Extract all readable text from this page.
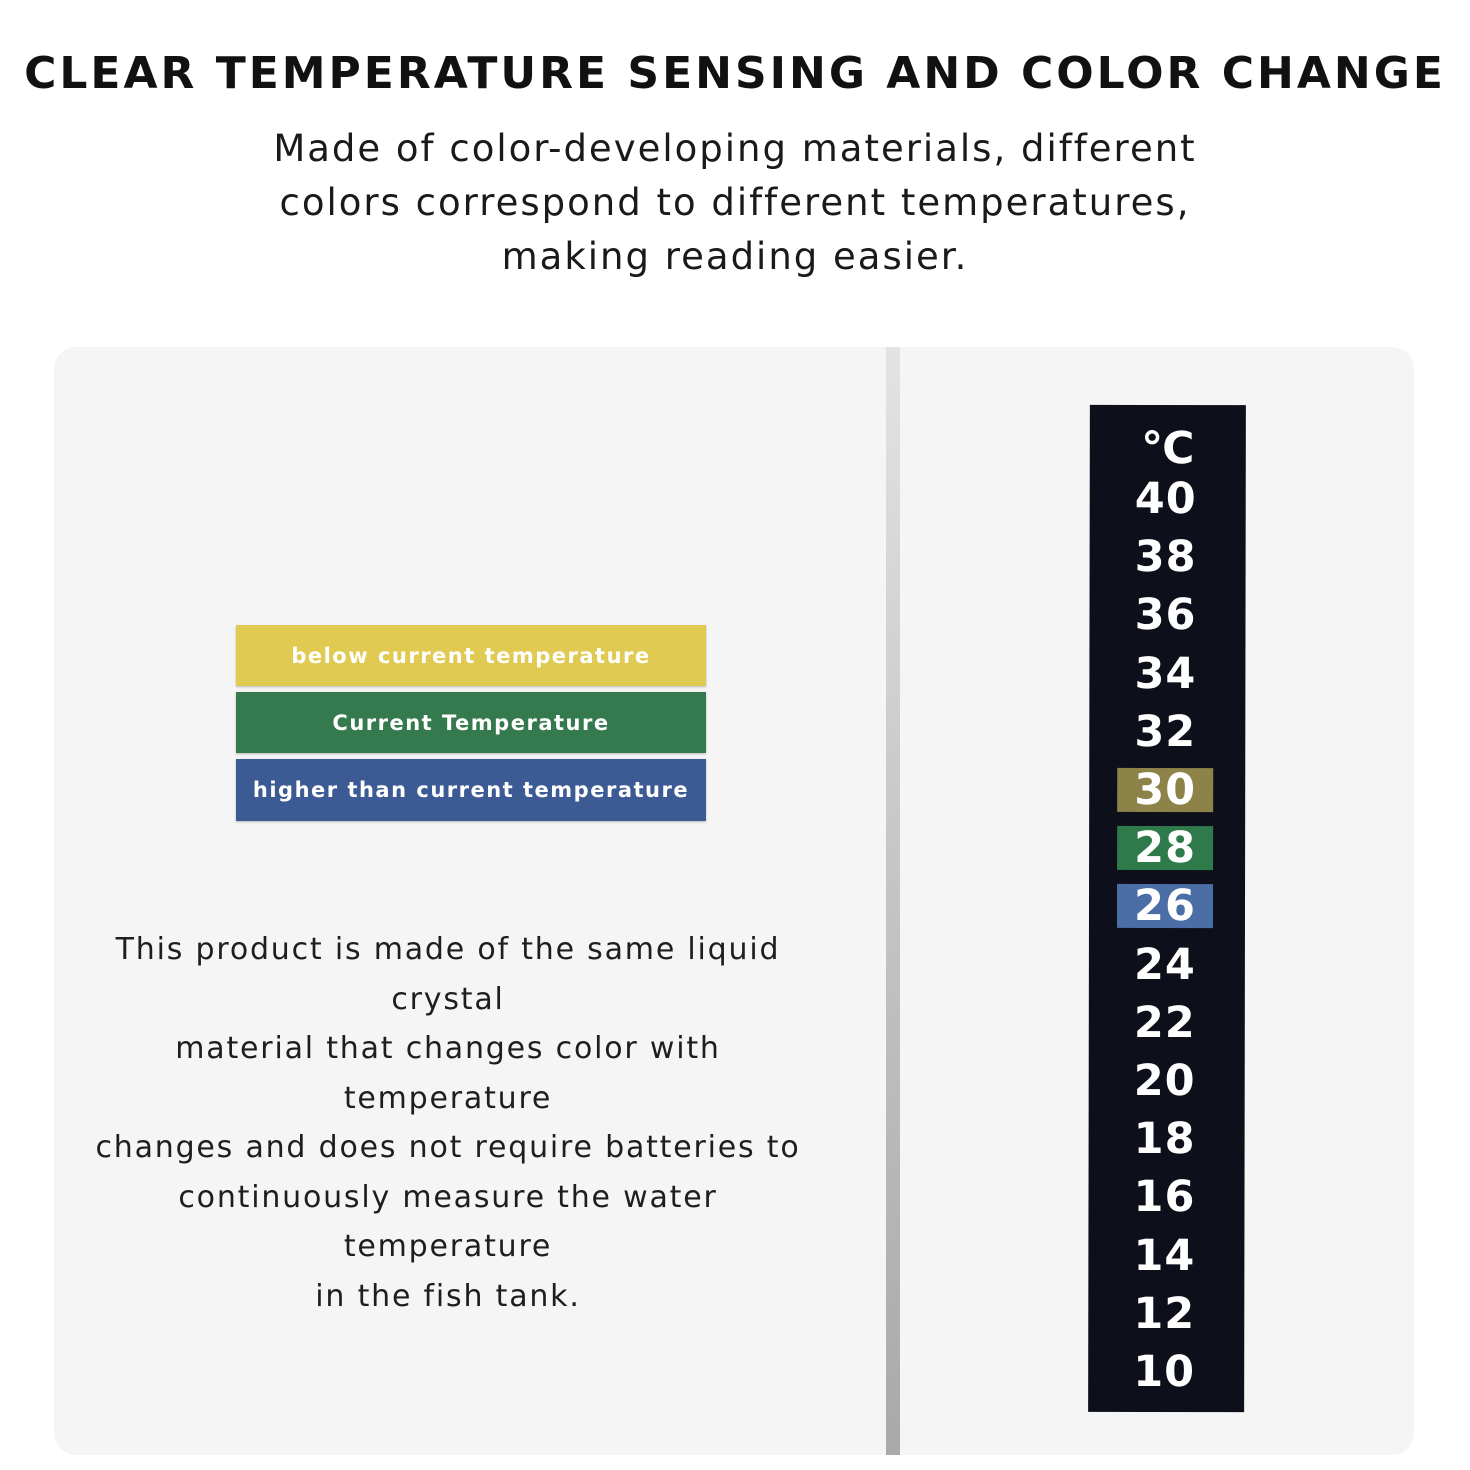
CLEAR TEMPERATURE SENSING AND COLOR CHANGE
Made of color-developing materials, different
colors correspond to different temperatures,
making reading easier.
below current temperature
Current Temperature
higher than current temperature
This product is made of the same liquid crystal
material that changes color with temperature
changes and does not require batteries to
continuously measure the water temperature
in the fish tank.
℃
40
38
36
34
32
30
28
26
24
22
20
18
16
14
12
10
